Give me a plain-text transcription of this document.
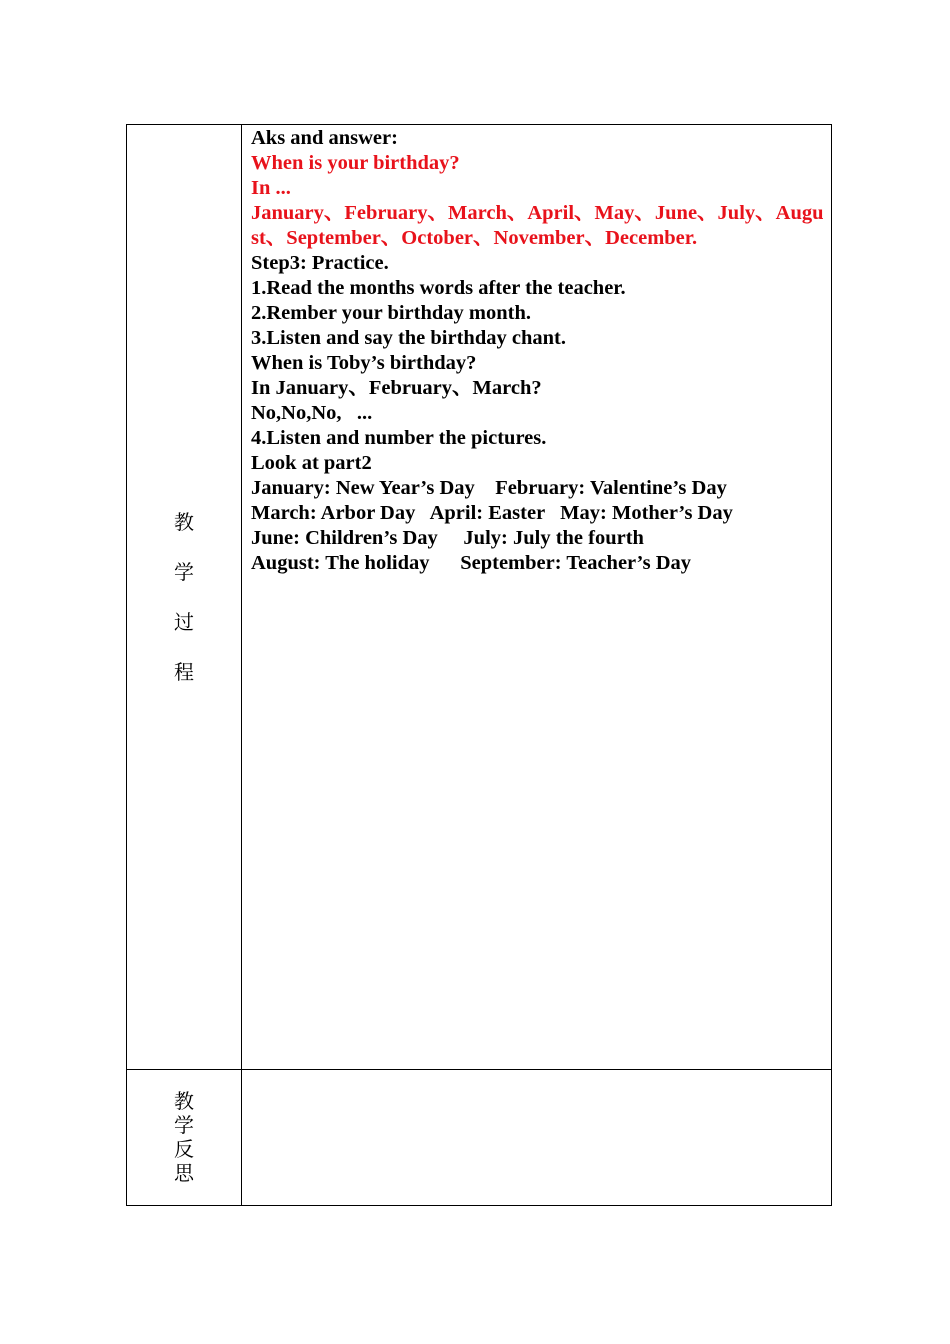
教
学
过
程
Aks and answer:
When is your birthday?
In ...
January、February、March、April、May、June、July、August、September、October、November、December.
Step3: Practice.
1.Read the months words after the teacher.
2.Rember your birthday month.
3.Listen and say the birthday chant.
When is Toby’s birthday?
In January、February、March?
No,No,No,   ...
4.Listen and number the pictures.
Look at part2
January: New Year’s Day    February: Valentine’s Day
March: Arbor Day   April: Easter   May: Mother’s Day
June: Children’s Day     July: July the fourth
August: The holiday      September: Teacher’s Day
教
学
反
思
